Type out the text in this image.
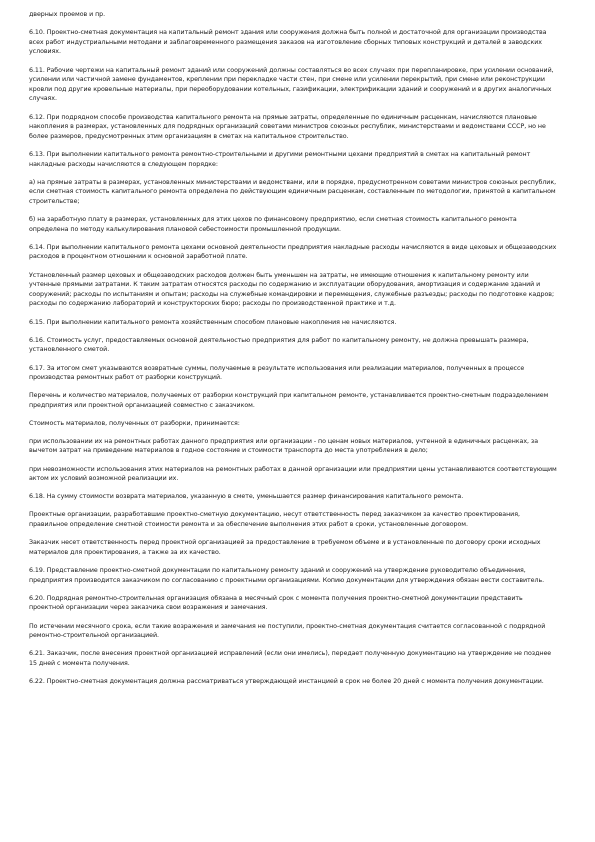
дверных проемов и пр.

6.10. Проектно-сметная документация на капитальный ремонт здания или сооружения должна быть полной и достаточной для организации производства всех работ индустриальными методами и заблаговременного размещения заказов на изготовление сборных типовых конструкций и деталей в заводских условиях.

6.11. Рабочие чертежи на капитальный ремонт зданий или сооружений должны составляться во всех случаях при перепланировке, при усилении оснований, усилении или частичной замене фундаментов, креплении при перекладке части стен, при смене или усилении перекрытий, при смене или реконструкции кровли под другие кровельные материалы, при переоборудовании котельных, газификации, электрификации зданий и сооружений и в других аналогичных случаях.

6.12. При подрядном способе производства капитального ремонта на прямые затраты, определенные по единичным расценкам, начисляются плановые накопления в размерах, установленных для подрядных организаций советами министров союзных республик, министерствами и ведомствами СССР, но не более размеров, предусмотренных этим организациям в сметах на капитальное строительство.

6.13. При выполнении капитального ремонта ремонтно-строительными и другими ремонтными цехами предприятий в сметах на капитальный ремонт накладные расходы начисляются в следующем порядке:

а) на прямые затраты в размерах, установленных министерствами и ведомствами, или в порядке, предусмотренном советами министров союзных республик, если сметная стоимость капитального ремонта определена по действующим единичным расценкам, составленным по методологии, принятой в капитальном строительстве;

б) на заработную плату в размерах, установленных для этих цехов по финансовому предприятию, если сметная стоимость капитального ремонта определена по методу калькулирования плановой себестоимости промышленной продукции.

6.14. При выполнении капитального ремонта цехами основной деятельности предприятия накладные расходы начисляются в виде цеховых и общезаводских расходов в процентном отношении к основной заработной плате.

Установленный размер цеховых и общезаводских расходов должен быть уменьшен на затраты, не имеющие отношения к капитальному ремонту или учтенные прямыми затратами. К таким затратам относятся расходы по содержанию и эксплуатации оборудования, амортизация и содержание зданий и сооружений; расходы по испытаниям и опытам; расходы на служебные командировки и перемещения, служебные разъезды; расходы по подготовке кадров; расходы по содержанию лабораторий и конструкторских бюро; расходы по производственной практике и т.д.

6.15. При выполнении капитального ремонта хозяйственным способом плановые накопления не начисляются.

6.16. Стоимость услуг, предоставляемых основной деятельностью предприятия для работ по капитальному ремонту, не должна превышать размера, установленного сметой.

6.17. За итогом смет указываются возвратные суммы, получаемые в результате использования или реализации материалов, полученных в процессе производства ремонтных работ от разборки конструкций.

Перечень и количество материалов, получаемых от разборки конструкций при капитальном ремонте, устанавливается проектно-сметным подразделением предприятия или проектной организацией совместно с заказчиком.

Стоимость материалов, полученных от разборки, принимается:

при использовании их на ремонтных работах данного предприятия или организации - по ценам новых материалов, учтенной в единичных расценках, за вычетом затрат на приведение материалов в годное состояние и стоимости транспорта до места употребления в дело;

при невозможности использования этих материалов на ремонтных работах в данной организации или предприятии цены устанавливаются соответствующим актом их условий возможной реализации их.

6.18. На сумму стоимости возврата материалов, указанную в смете, уменьшается размер финансирования капитального ремонта.

Проектные организации, разработавшие проектно-сметную документацию, несут ответственность перед заказчиком за качество проектирования, правильное определение сметной стоимости ремонта и за обеспечение выполнения этих работ в сроки, установленные договором.

Заказчик несет ответственность перед проектной организацией за предоставление в требуемом объеме и в установленные по договору сроки исходных материалов для проектирования, а также за их качество.

6.19. Представление проектно-сметной документации по капитальному ремонту зданий и сооружений на утверждение руководителю объединения, предприятия производится заказчиком по согласованию с проектными организациями. Копию документации для утверждения обязан вести составитель.

6.20. Подрядная ремонтно-строительная организация обязана в месячный срок с момента получения проектно-сметной документации представить проектной организации через заказчика свои возражения и замечания.

По истечении месячного срока, если такие возражения и замечания не поступили, проектно-сметная документация считается согласованной с подрядной ремонтно-строительной организацией.

6.21. Заказчик, после внесения проектной организацией исправлений (если они имелись), передает полученную документацию на утверждение не позднее 15 дней с момента получения.

6.22. Проектно-сметная документация должна рассматриваться утверждающей инстанцией в срок не более 20 дней с момента получения документации.
